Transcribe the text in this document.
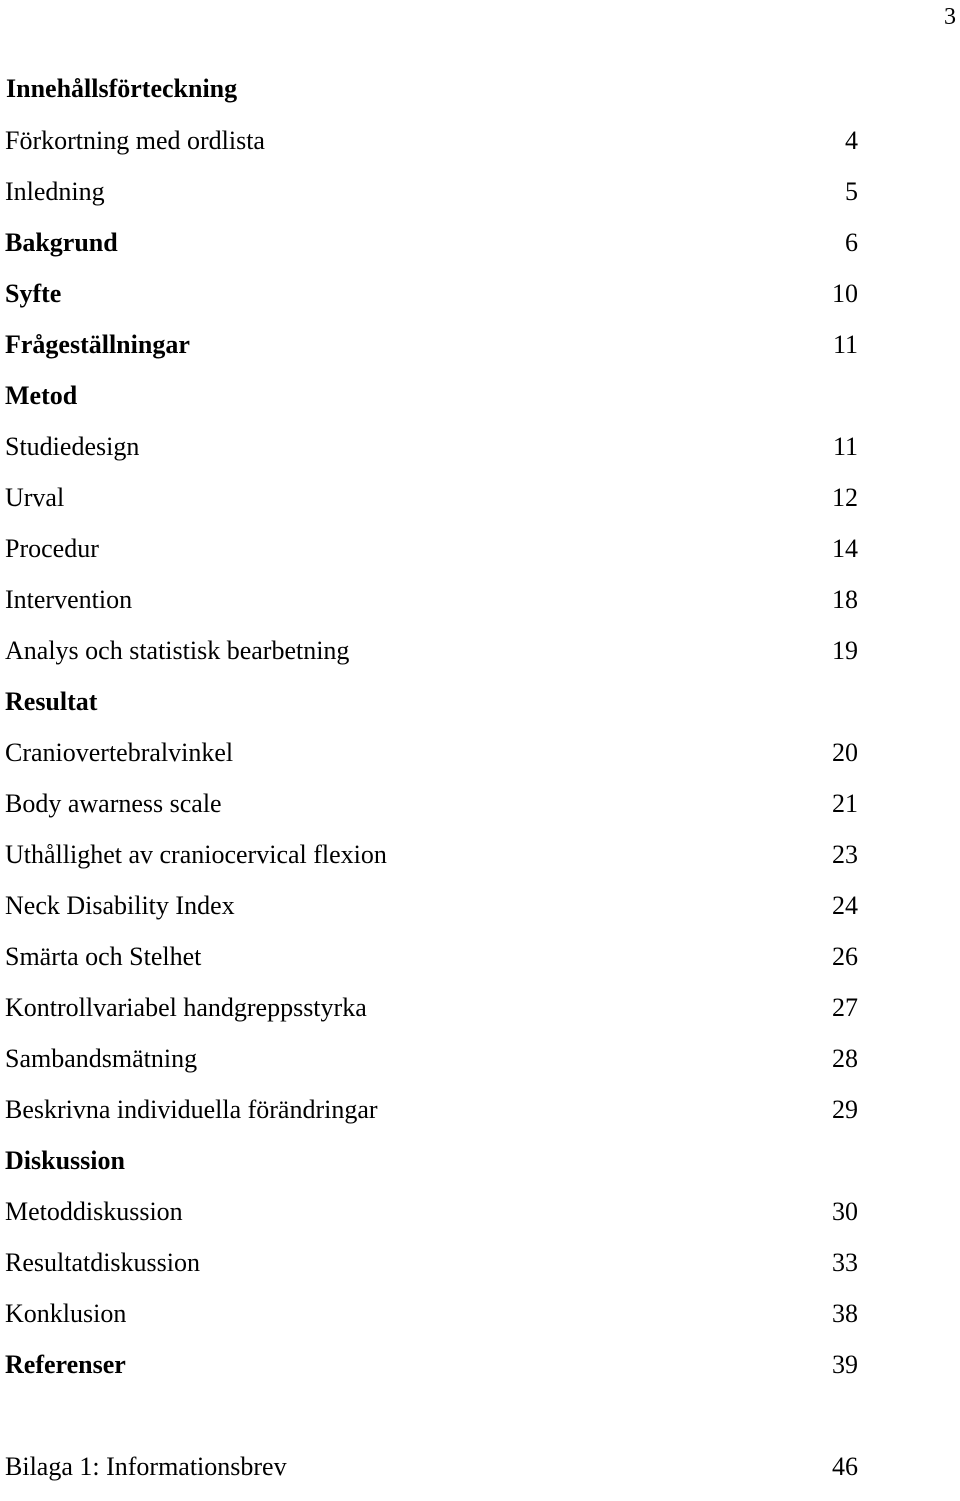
3
Innehållsförteckning
Förkortning med ordlista	4
Inledning	5
Bakgrund	6
Syfte	10
Frågeställningar	11
Metod
Studiedesign	11
Urval	12
Procedur	14
Intervention	18
Analys och statistisk bearbetning	19
Resultat
Craniovertebralvinkel	20
Body awarness scale	21
Uthållighet av craniocervical flexion	23
Neck Disability Index	24
Smärta och Stelhet	26
Kontrollvariabel handgreppsstyrka	27
Sambandsmätning	28
Beskrivna individuella förändringar	29
Diskussion
Metoddiskussion	30
Resultatdiskussion	33
Konklusion	38
Referenser	39
Bilaga 1: Informationsbrev	46
